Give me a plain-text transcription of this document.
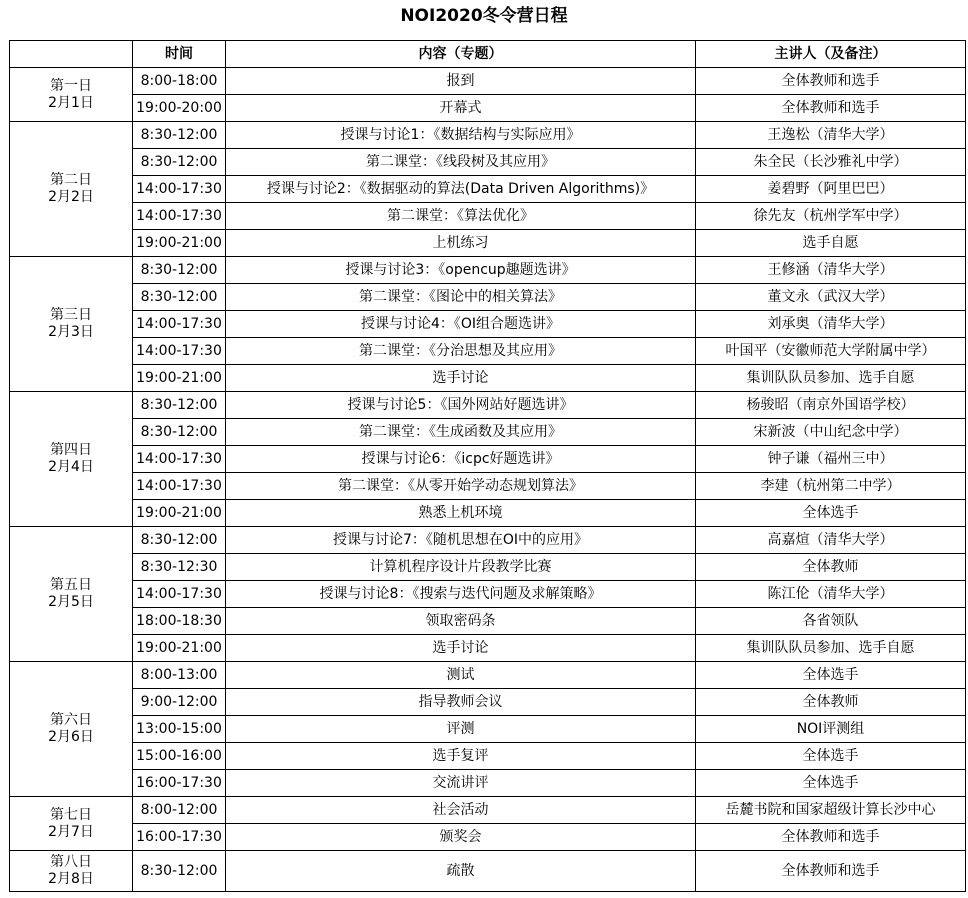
NOI2020冬令营日程
	时间	内容（专题）	主讲人（及备注）

第一日
2月1日	8:00-18:00	报到	全体教师和选手
	19:00-20:00	开幕式	全体教师和选手

第二日
2月2日	8:30-12:00	授课与讨论1：《数据结构与实际应用》	王逸松（清华大学）
	8:30-12:00	第二课堂：《线段树及其应用》	朱全民（长沙雅礼中学）
	14:00-17:30	授课与讨论2：《数据驱动的算法(Data Driven Algorithms)》	姜碧野（阿里巴巴）
	14:00-17:30	第二课堂：《算法优化》	徐先友（杭州学军中学）
	19:00-21:00	上机练习	选手自愿

第三日
2月3日	8:30-12:00	授课与讨论3：《opencup趣题选讲》	王修涵（清华大学）
	8:30-12:00	第二课堂：《图论中的相关算法》	董文永（武汉大学）
	14:00-17:30	授课与讨论4：《OI组合题选讲》	刘承奥（清华大学）
	14:00-17:30	第二课堂：《分治思想及其应用》	叶国平（安徽师范大学附属中学）
	19:00-21:00	选手讨论	集训队队员参加、选手自愿

第四日
2月4日	8:30-12:00	授课与讨论5：《国外网站好题选讲》	杨骏昭（南京外国语学校）
	8:30-12:00	第二课堂：《生成函数及其应用》	宋新波（中山纪念中学）
	14:00-17:30	授课与讨论6：《icpc好题选讲》	钟子谦（福州三中）
	14:00-17:30	第二课堂：《从零开始学动态规划算法》	李建（杭州第二中学）
	19:00-21:00	熟悉上机环境	全体选手

第五日
2月5日	8:30-12:00	授课与讨论7：《随机思想在OI中的应用》	高嘉煊（清华大学）
	8:30-12:30	计算机程序设计片段教学比赛	全体教师
	14:00-17:30	授课与讨论8：《搜索与迭代问题及求解策略》	陈江伦（清华大学）
	18:00-18:30	领取密码条	各省领队
	19:00-21:00	选手讨论	集训队队员参加、选手自愿

第六日
2月6日	8:00-13:00	测试	全体选手
	9:00-12:00	指导教师会议	全体教师
	13:00-15:00	评测	NOI评测组
	15:00-16:00	选手复评	全体选手
	16:00-17:30	交流讲评	全体选手

第七日
2月7日	8:00-12:00	社会活动	岳麓书院和国家超级计算长沙中心
	16:00-17:30	颁奖会	全体教师和选手

第八日
2月8日	8:30-12:00	疏散	全体教师和选手
